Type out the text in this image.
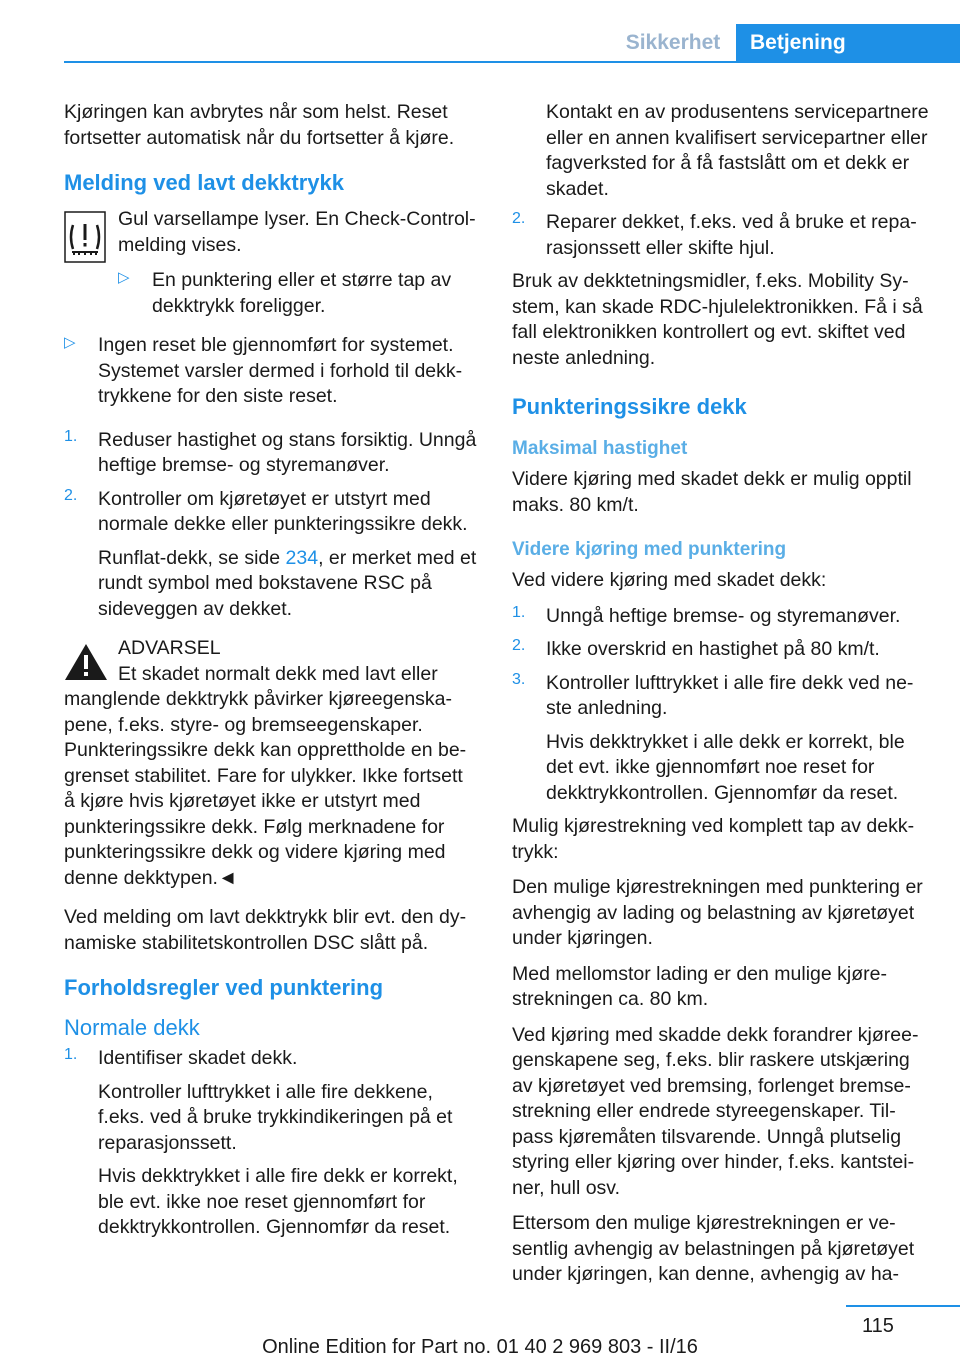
Sikkerhet	Betjening

Kjøringen kan avbrytes når som helst. Reset fortsetter automatisk når du fortsetter å kjøre.

Melding ved lavt dekktrykk

Gul varsellampe lyser. En Check-Control-melding vises.

▷ En punktering eller et større tap av dekktrykk foreligger.

▷ Ingen reset ble gjennomført for systemet. Systemet varsler dermed i forhold til dekktrykkene for den siste reset.

1. Reduser hastighet og stans forsiktig. Unngå heftige bremse- og styremanøver.

2. Kontroller om kjøretøyet er utstyrt med normale dekke eller punkteringssikre dekk.

Runflat-dekk, se side 234, er merket med et rundt symbol med bokstavene RSC på sideveggen av dekket.

ADVARSEL

Et skadet normalt dekk med lavt eller manglende dekktrykk påvirker kjøreegenskapene, f.eks. styre- og bremseegenskaper. Punkteringssikre dekk kan opprettholde en begrenset stabilitet. Fare for ulykker. Ikke fortsett å kjøre hvis kjøretøyet ikke er utstyrt med punkteringssikre dekk. Følg merknadene for punkteringssikre dekk og videre kjøring med denne dekktypen.◄

Ved melding om lavt dekktrykk blir evt. den dynamiske stabilitetskontrollen DSC slått på.

Forholdsregler ved punktering
Normale dekk
1. Identifiser skadet dekk.

Kontroller lufttrykket i alle fire dekkene, f.eks. ved å bruke trykkindikeringen på et reparasjonssett.

Hvis dekktrykket i alle fire dekk er korrekt, ble evt. ikke noe reset gjennomført for dekktrykkontrollen. Gjennomfør da reset.

Kontakt en av produsentens servicepartnere eller en annen kvalifisert servicepartner eller fagverksted for å få fastslått om et dekk er skadet.

2. Reparer dekket, f.eks. ved å bruke et reparasjonssett eller skifte hjul.

Bruk av dekktetningsmidler, f.eks. Mobility System, kan skade RDC-hjulelektronikken. Få i så fall elektronikken kontrollert og evt. skiftet ved neste anledning.

Punkteringssikre dekk
Maksimal hastighet

Videre kjøring med skadet dekk er mulig opptil maks. 80 km/t.

Videre kjøring med punktering

Ved videre kjøring med skadet dekk:

1. Unngå heftige bremse- og styremanøver.

2. Ikke overskrid en hastighet på 80 km/t.

3. Kontroller lufttrykket i alle fire dekk ved neste anledning.

Hvis dekktrykket i alle dekk er korrekt, ble det evt. ikke gjennomført noe reset for dekktrykkontrollen. Gjennomfør da reset.

Mulig kjørestrekning ved komplett tap av dekktrykk:

Den mulige kjørestrekningen med punktering er avhengig av lading og belastning av kjøretøyet under kjøringen.

Med mellomstor lading er den mulige kjørestrekningen ca. 80 km.

Ved kjøring med skadde dekk forandrer kjøreegenskapene seg, f.eks. blir raskere utskjæring av kjøretøyet ved bremsing, forlenget bremsestrekning eller endrede styreegenskaper. Tilpass kjøremåten tilsvarende. Unngå plutselig styring eller kjøring over hinder, f.eks. kantsteiner, hull osv.

Ettersom den mulige kjørestrekningen er vesentlig avhengig av belastningen på kjøretøyet under kjøringen, kan denne, avhengig av ha-

115
Online Edition for Part no. 01 40 2 969 803 - II/16
